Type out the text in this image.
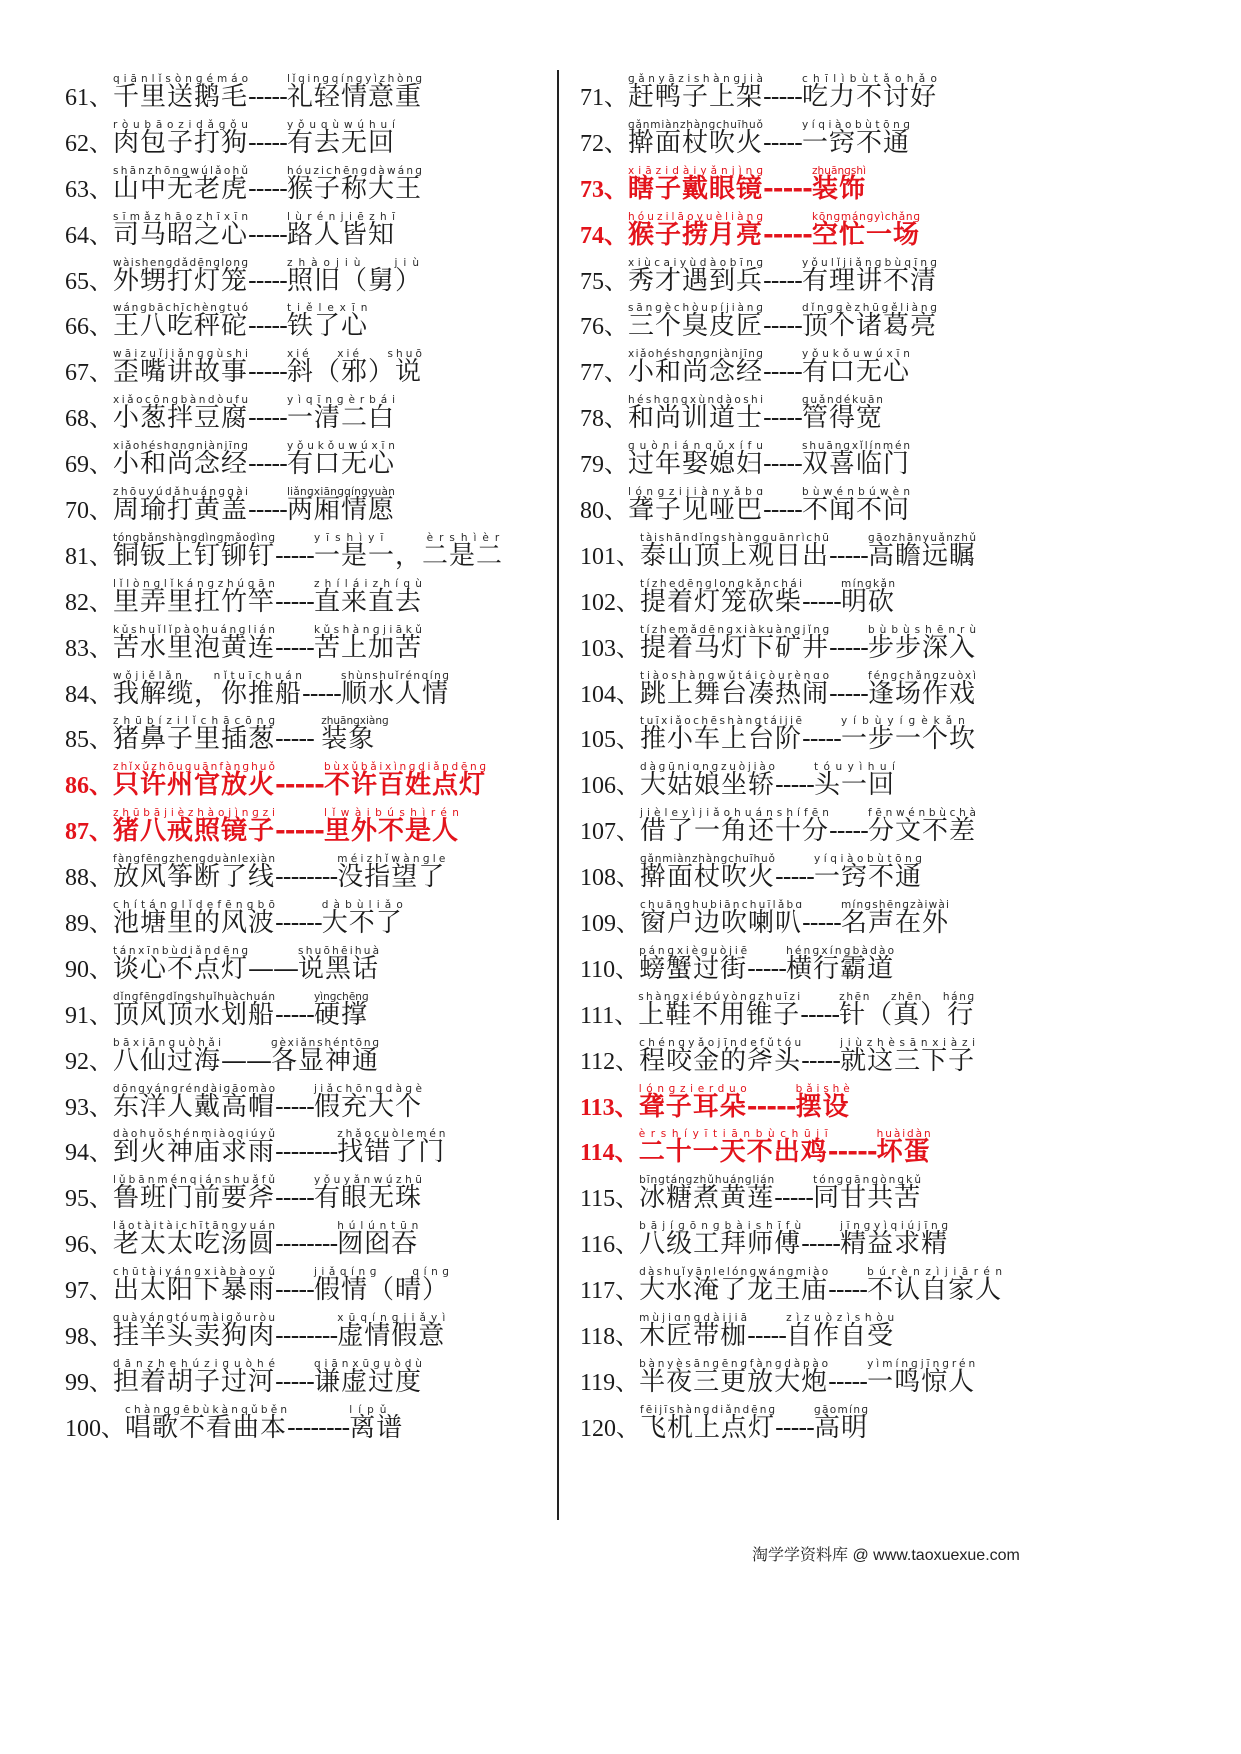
61、
qiānlǐsònɡémáo
千里送鹅毛-----
lǐqinɡqínɡyìzhònɡ
礼轻情意重
62、
ròubāozidǎɡǒu
肉包子打狗-----
yǒuqùwúhuí
有去无回
63、
shānzhōnɡwúlǎohǔ
山中无老虎-----
hóuzichēnɡdàwánɡ
猴子称大王
64、
sīmǎzhāozhīxīn
司马昭之心-----
lùrénjiēzhī
路人皆知
65、
wàishenɡdǎdēnɡlonɡ
外甥打灯笼-----
zhàojiù   jiù
照旧（舅）
66、
wánɡbāchīchènɡtuó
王八吃秤砣-----
tiělexīn
铁了心
67、
wāizuǐjiǎnɡɡùshi
歪嘴讲故事-----
xié    xié    shuō
斜（邪）说
68、
xiǎocōnɡbàndòufu
小葱拌豆腐-----
yìqīnɡèrbái
一清二白
69、
xiǎohéshɑnɡniànjīnɡ
小和尚念经-----
yǒukǒuwúxīn
有口无心
70、
zhōuyúdǎhuánɡɡài
周瑜打黄盖-----
liǎnɡxiānɡqínɡyuàn
两厢情愿
81、
tónɡbǎnshànɡdìnɡmǎodìnɡ
铜钣上钉铆钉-----
yīshìyī    èrshìèr
一是一，二是二
82、
lǐlònɡlǐkánɡzhúɡān
里弄里扛竹竿-----
zhíláizhíqù
直来直去
83、
kǔshuǐlǐpàohuánɡlián
苦水里泡黄连-----
kǔshànɡjiākǔ
苦上加苦
84、
wǒjiělǎn    nǐtuīchuán
我解缆，你推船-----
shùnshuǐrénqínɡ
顺水人情
85、
zhūbízilǐchācōnɡ
猪鼻子里插葱-----
zhuānɡxiànɡ
装象
86、
zhǐxǔzhōuɡuānfànɡhuǒ
只许州官放火-----
bùxǔbǎixìnɡdiǎndēnɡ
不许百姓点灯
87、
zhūbājièzhàojìnɡzi
猪八戒照镜子-----
lǐwàibúshìrén
里外不是人
88、
fànɡfēnɡzhenɡduànlexiàn
放风筝断了线--------
méizhǐwànɡle
没指望了
89、
chítánɡlǐdefēnɡbō
池塘里的风波------
dàbùliǎo
大不了
90、
tánxīnbùdiǎndēnɡ
谈心不点灯——
shuōhēihuà
说黑话
91、
dǐnɡfēnɡdǐnɡshuǐhuàchuán
顶风顶水划船-----
yìnɡchēnɡ
硬撑
92、
bāxiānɡuòhǎi
八仙过海——
ɡèxiǎnshéntōnɡ
各显神通
93、
dōnɡyánɡréndàiɡāomào
东洋人戴高帽-----
jiǎchōnɡdàɡè
假充大个
94、
dàohuǒshénmiàoqiúyǔ
到火神庙求雨--------
zhǎocuòlemén
找错了门
95、
lǔbānménqiánshuǎfǔ
鲁班门前要斧-----
yǒuyǎnwúzhū
有眼无珠
96、
lǎotàitàichītānɡyuán
老太太吃汤圆--------
húlúntūn
囫囵吞
97、
chūtàiyánɡxiàbàoyǔ
出太阳下暴雨-----
jiǎqínɡ    qínɡ
假情（晴）
98、
ɡuàyánɡtóumàiɡǒuròu
挂羊头卖狗肉--------
xūqínɡjiǎyì
虚情假意
99、
dānzhehúziɡuòhé
担着胡子过河-----
qiānxūɡuòdù
谦虚过度
100、
chànɡɡēbùkànqǔběn
唱歌不看曲本--------
lípǔ
离谱
71、
ɡǎnyāzishànɡjià
赶鸭子上架-----
chīlìbùtǎohǎo
吃力不讨好
72、
ɡǎnmiànzhànɡchuīhuǒ
擀面杖吹火-----
yíqiàobùtōnɡ
一窍不通
73、
xiāzidàiyǎnjìnɡ
瞎子戴眼镜-----
zhuānɡshì
装饰
74、
hóuzilāoyuèliànɡ
猴子捞月亮-----
kōnɡmánɡyìchǎnɡ
空忙一场
75、
xiùcaiyùdàobīnɡ
秀才遇到兵-----
yǒulǐjiǎnɡbùqīnɡ
有理讲不清
76、
sānɡèchòupíjiànɡ
三个臭皮匠-----
dǐnɡɡèzhūɡěliànɡ
顶个诸葛亮
77、
xiǎohéshɑnɡniànjīnɡ
小和尚念经-----
yǒukǒuwúxīn
有口无心
78、
héshɑnɡxùndàoshi
和尚训道士-----
ɡuǎndékuān
管得宽
79、
ɡuòniánqǔxífu
过年娶媳妇-----
shuānɡxǐlínmén
双喜临门
80、
lónɡzijiànyǎbɑ
聋子见哑巴-----
bùwénbúwèn
不闻不问
101、
tàishāndǐnɡshànɡɡuānrìchū
泰山顶上观日出-----
ɡāozhānyuǎnzhǔ
高瞻远瞩
102、
tízhedēnɡlonɡkǎnchái
提着灯笼砍柴-----
mínɡkǎn
明砍
103、
tízhemǎdēnɡxiàkuànɡjǐnɡ
提着马灯下矿井-----
bùbùshēnrù
步步深入
104、
tiàoshànɡwǔtáicòurènɑo
跳上舞台凑热闹-----
fénɡchǎnɡzuòxì
逢场作戏
105、
tuīxiǎochēshànɡtáijiē
推小车上台阶-----
yíbùyíɡèkǎn
一步一个坎
106、
dàɡūniɑnɡzuòjiào
大姑娘坐轿-----
tóuyìhuí
头一回
107、
jièleyìjiǎohuánshífēn
借了一角还十分-----
fēnwénbùchà
分文不差
108、
ɡǎnmiànzhànɡchuīhuǒ
擀面杖吹火-----
yíqiàobùtōnɡ
一窍不通
109、
chuānɡhubiānchuīlǎbɑ
窗户边吹喇叭-----
mínɡshēnɡzàiwài
名声在外
110、
pánɡxièɡuòjiē
螃蟹过街-----
hénɡxínɡbàdào
横行霸道
111、
shànɡxiébúyònɡzhuīzi
上鞋不用锥子-----
zhēn    zhēn    hánɡ
针（真）行
112、
chénɡyǎojīndefǔtóu
程咬金的斧头-----
jiùzhèsānxiàzi
就这三下子
113、
lónɡzierduo
聋子耳朵-----
bǎishè
摆设
114、
èrshíyītiānbùchūjī
二十一天不出鸡-----
huàidàn
坏蛋
115、
bīnɡtánɡzhǔhuánɡlián
冰糖煮黄莲-----
tónɡɡānɡònɡkǔ
同甘共苦
116、
bājíɡōnɡbàishīfù
八级工拜师傅-----
jīnɡyìqiújīnɡ
精益求精
117、
dàshuǐyānlelónɡwánɡmiào
大水淹了龙王庙-----
búrènzìjiārén
不认自家人
118、
mùjiɑnɡdàijiā
木匠带枷-----
zìzuòzìshòu
自作自受
119、
bànyèsānɡēnɡfànɡdàpào
半夜三更放大炮-----
yìmínɡjīnɡrén
一鸣惊人
120、
fēijīshànɡdiǎndēnɡ
飞机上点灯-----
ɡāomínɡ
高明
淘学学资料库 @ www.taoxuexue.com
